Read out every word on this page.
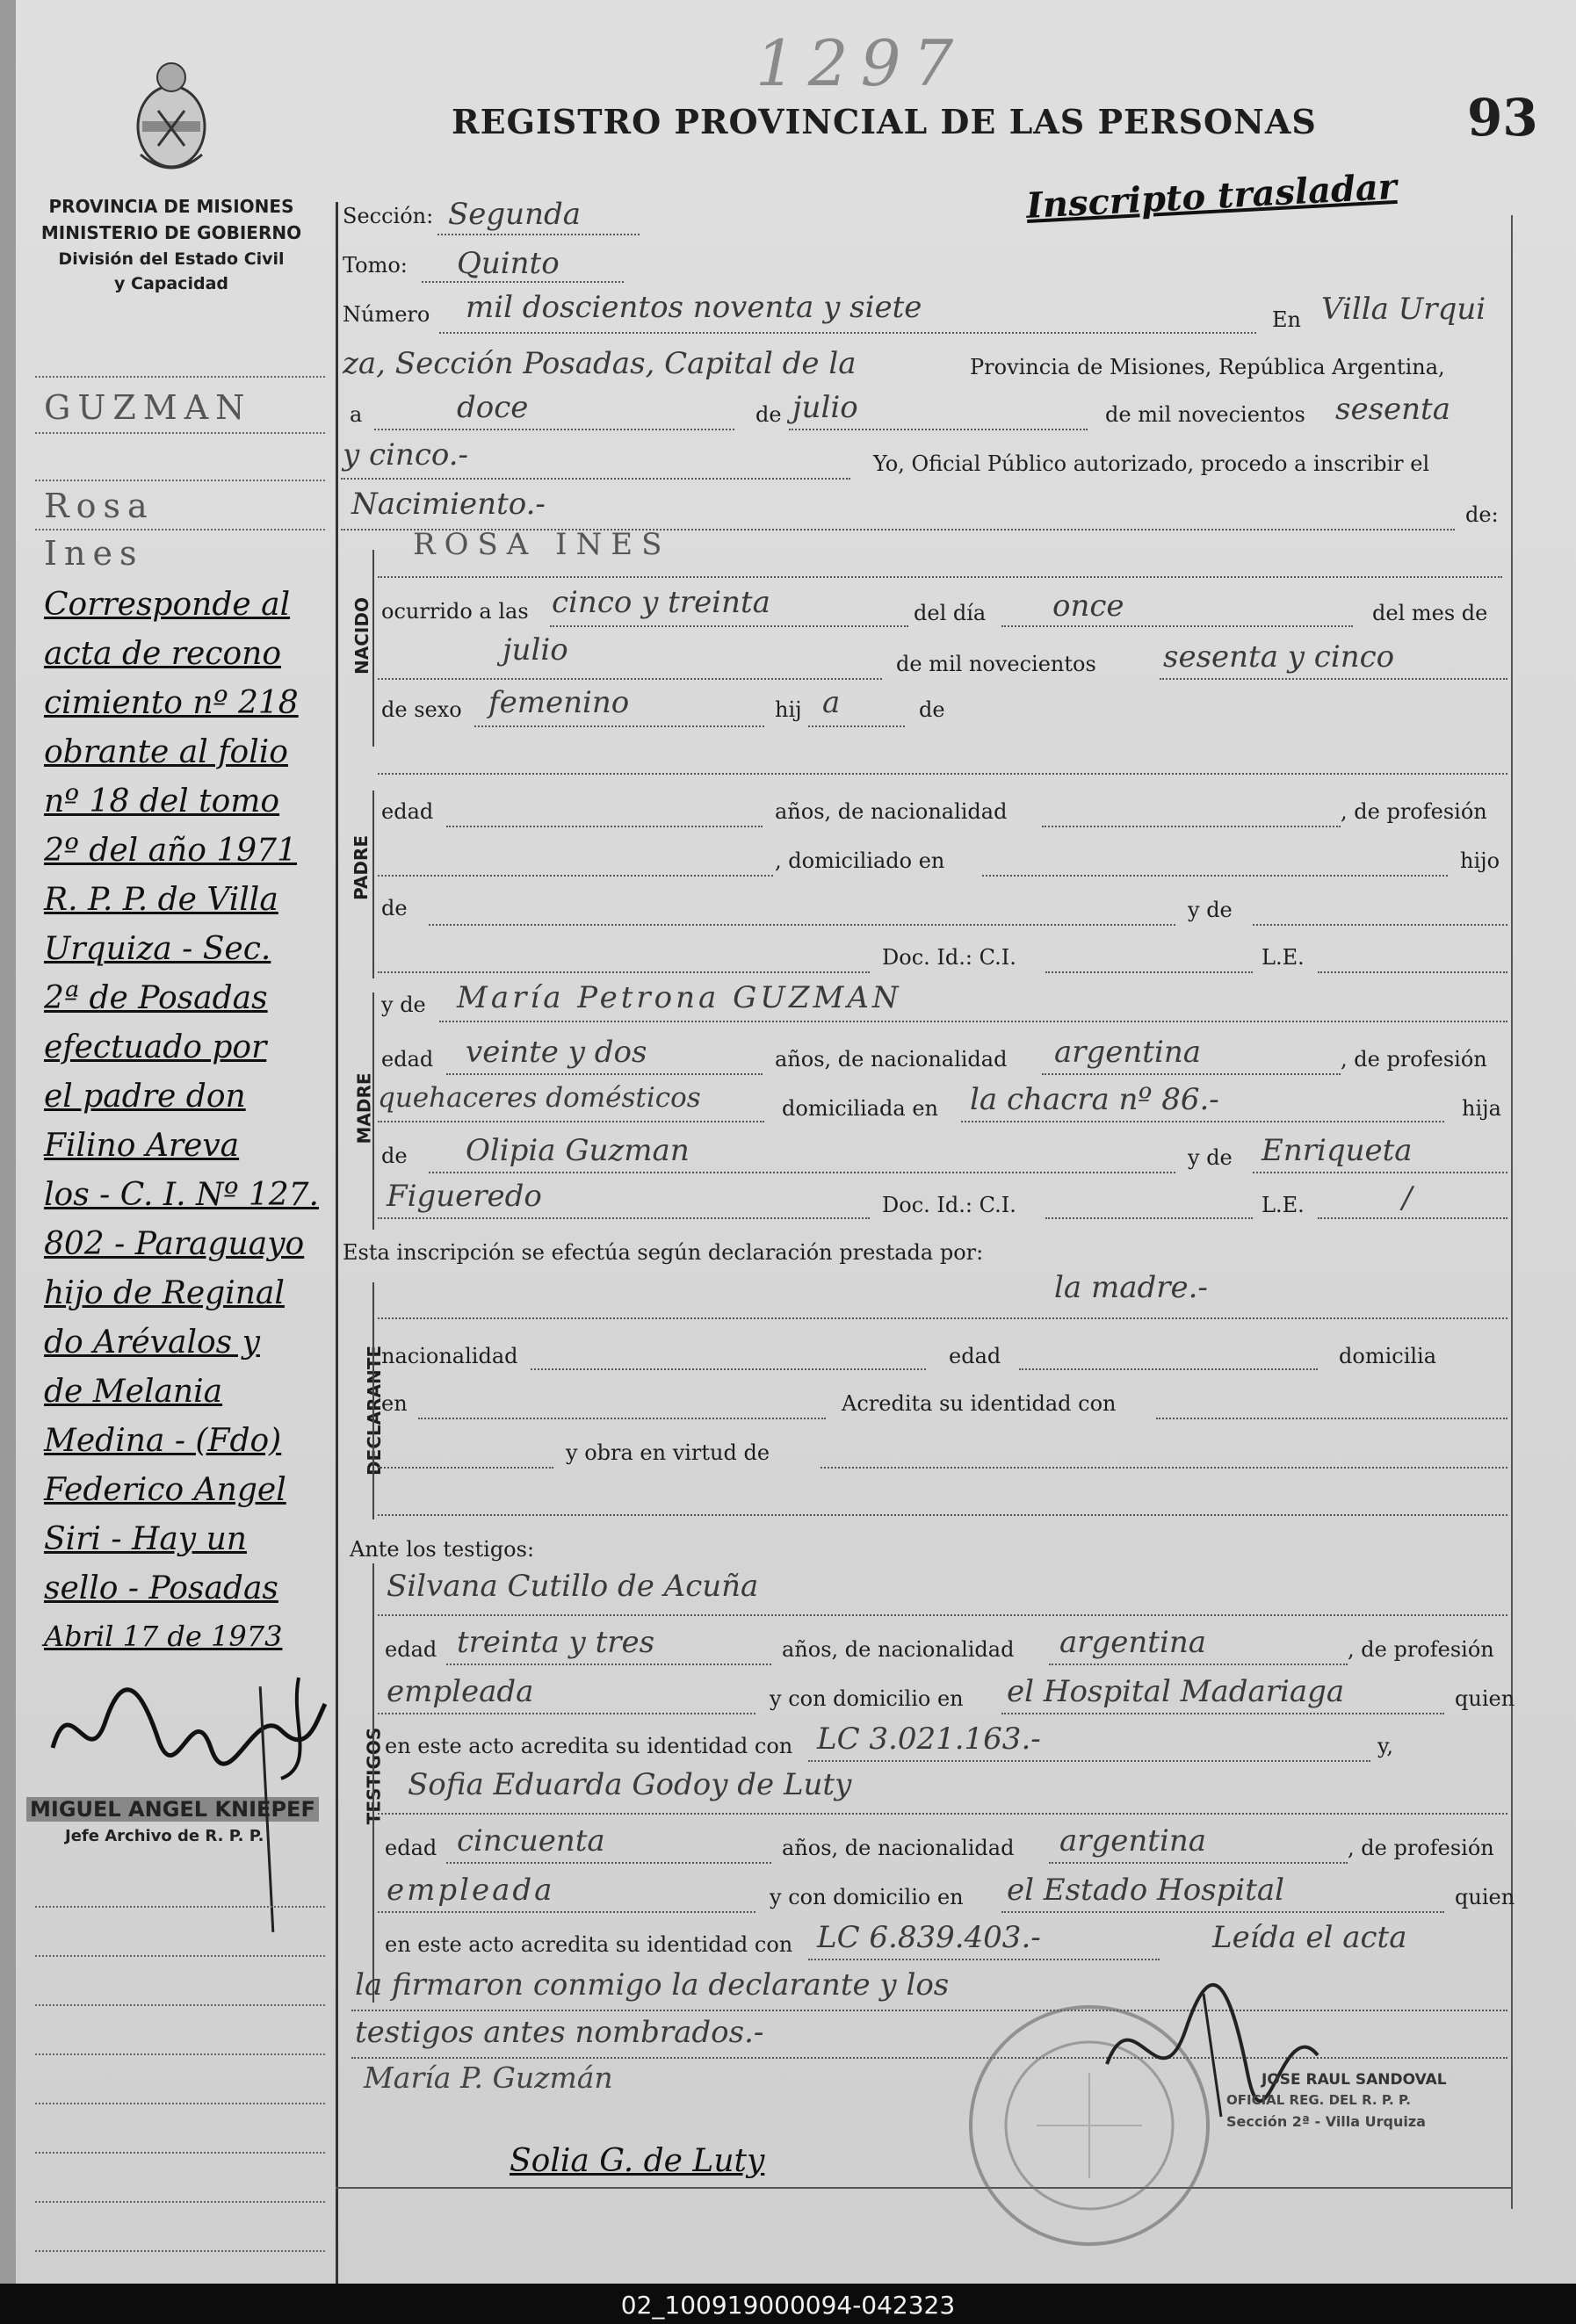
PROVINCIA DE MISIONES
MINISTERIO DE GOBIERNO
División del Estado Civil
y Capacidad
REGISTRO PROVINCIAL DE LAS PERSONAS	93
1297
Inscripto trasladar
GUZMAN
Rosa
Ines
Corresponde al
acta de recono
cimiento nº 218
obrante al folio
nº 18 del tomo
2º del año 1971
R. P. P. de Villa
Urquiza - Sec.
2ª de Posadas
efectuado por
el padre don
Filino Areva
los - C. I. Nº 127.
802 - Paraguayo
hijo de Reginal
do Arévalos y
de Melania
Medina - (Fdo)
Federico Angel
Siri - Hay un
sello - Posadas
Abril 17 de 1973
MIGUEL ANGEL KNIEPEF
Jefe Archivo de R. P. P.
Sección: Segunda
Tomo: Quinto
Número mil doscientos noventa y siete	En Villa Urqui
za, Sección Posadas, Capital de la	Provincia de Misiones, República Argentina,
a	doce	de julio	de mil novecientos sesenta
y cinco.-	Yo, Oficial Público autorizado, procedo a inscribir el
Nacimiento.-	de:
NACIDO
ROSA INES
ocurrido a las cinco y treinta	del día once	del mes de
julio	de mil novecientos sesenta y cinco
de sexo femenino	hij a	de
PADRE
edad	años, de nacionalidad	, de profesión
, domiciliado en	hijo
de	y de
Doc. Id.: C.I.	L.E.
MADRE
y de María Petrona GUZMAN
edad veinte y dos	años, de nacionalidad argentina	, de profesión
quehaceres domésticos	domiciliada en la chacra nº 86.-	hija
de Olipia Guzman	y de Enriqueta
Figueredo	Doc. Id.: C.I.	L.E.	/
Esta inscripción se efectúa según declaración prestada por:
la madre.-
DECLARANTE
nacionalidad	edad	domicilia
en	Acredita su identidad con
y obra en virtud de
Ante los testigos:
TESTIGOS
Silvana Cutillo de Acuña
edad treinta y tres	años, de nacionalidad argentina	, de profesión
empleada	y con domicilio en el Hospital Madariaga	quien
en este acto acredita su identidad con LC 3.021.163.-	y,
Sofia Eduarda Godoy de Luty
edad cincuenta	años, de nacionalidad argentina	, de profesión
empleada	y con domicilio en el Estado Hospital	quien
en este acto acredita su identidad con LC 6.839.403.-	Leída el acta
la firmaron conmigo la declarante y los
testigos antes nombrados.-
María P. Guzmán
Solia G. de Luty
JOSE RAUL SANDOVAL
OFICIAL REG. DEL R. P. P.
Sección 2ª - Villa Urquiza
02_100919000094-042323
